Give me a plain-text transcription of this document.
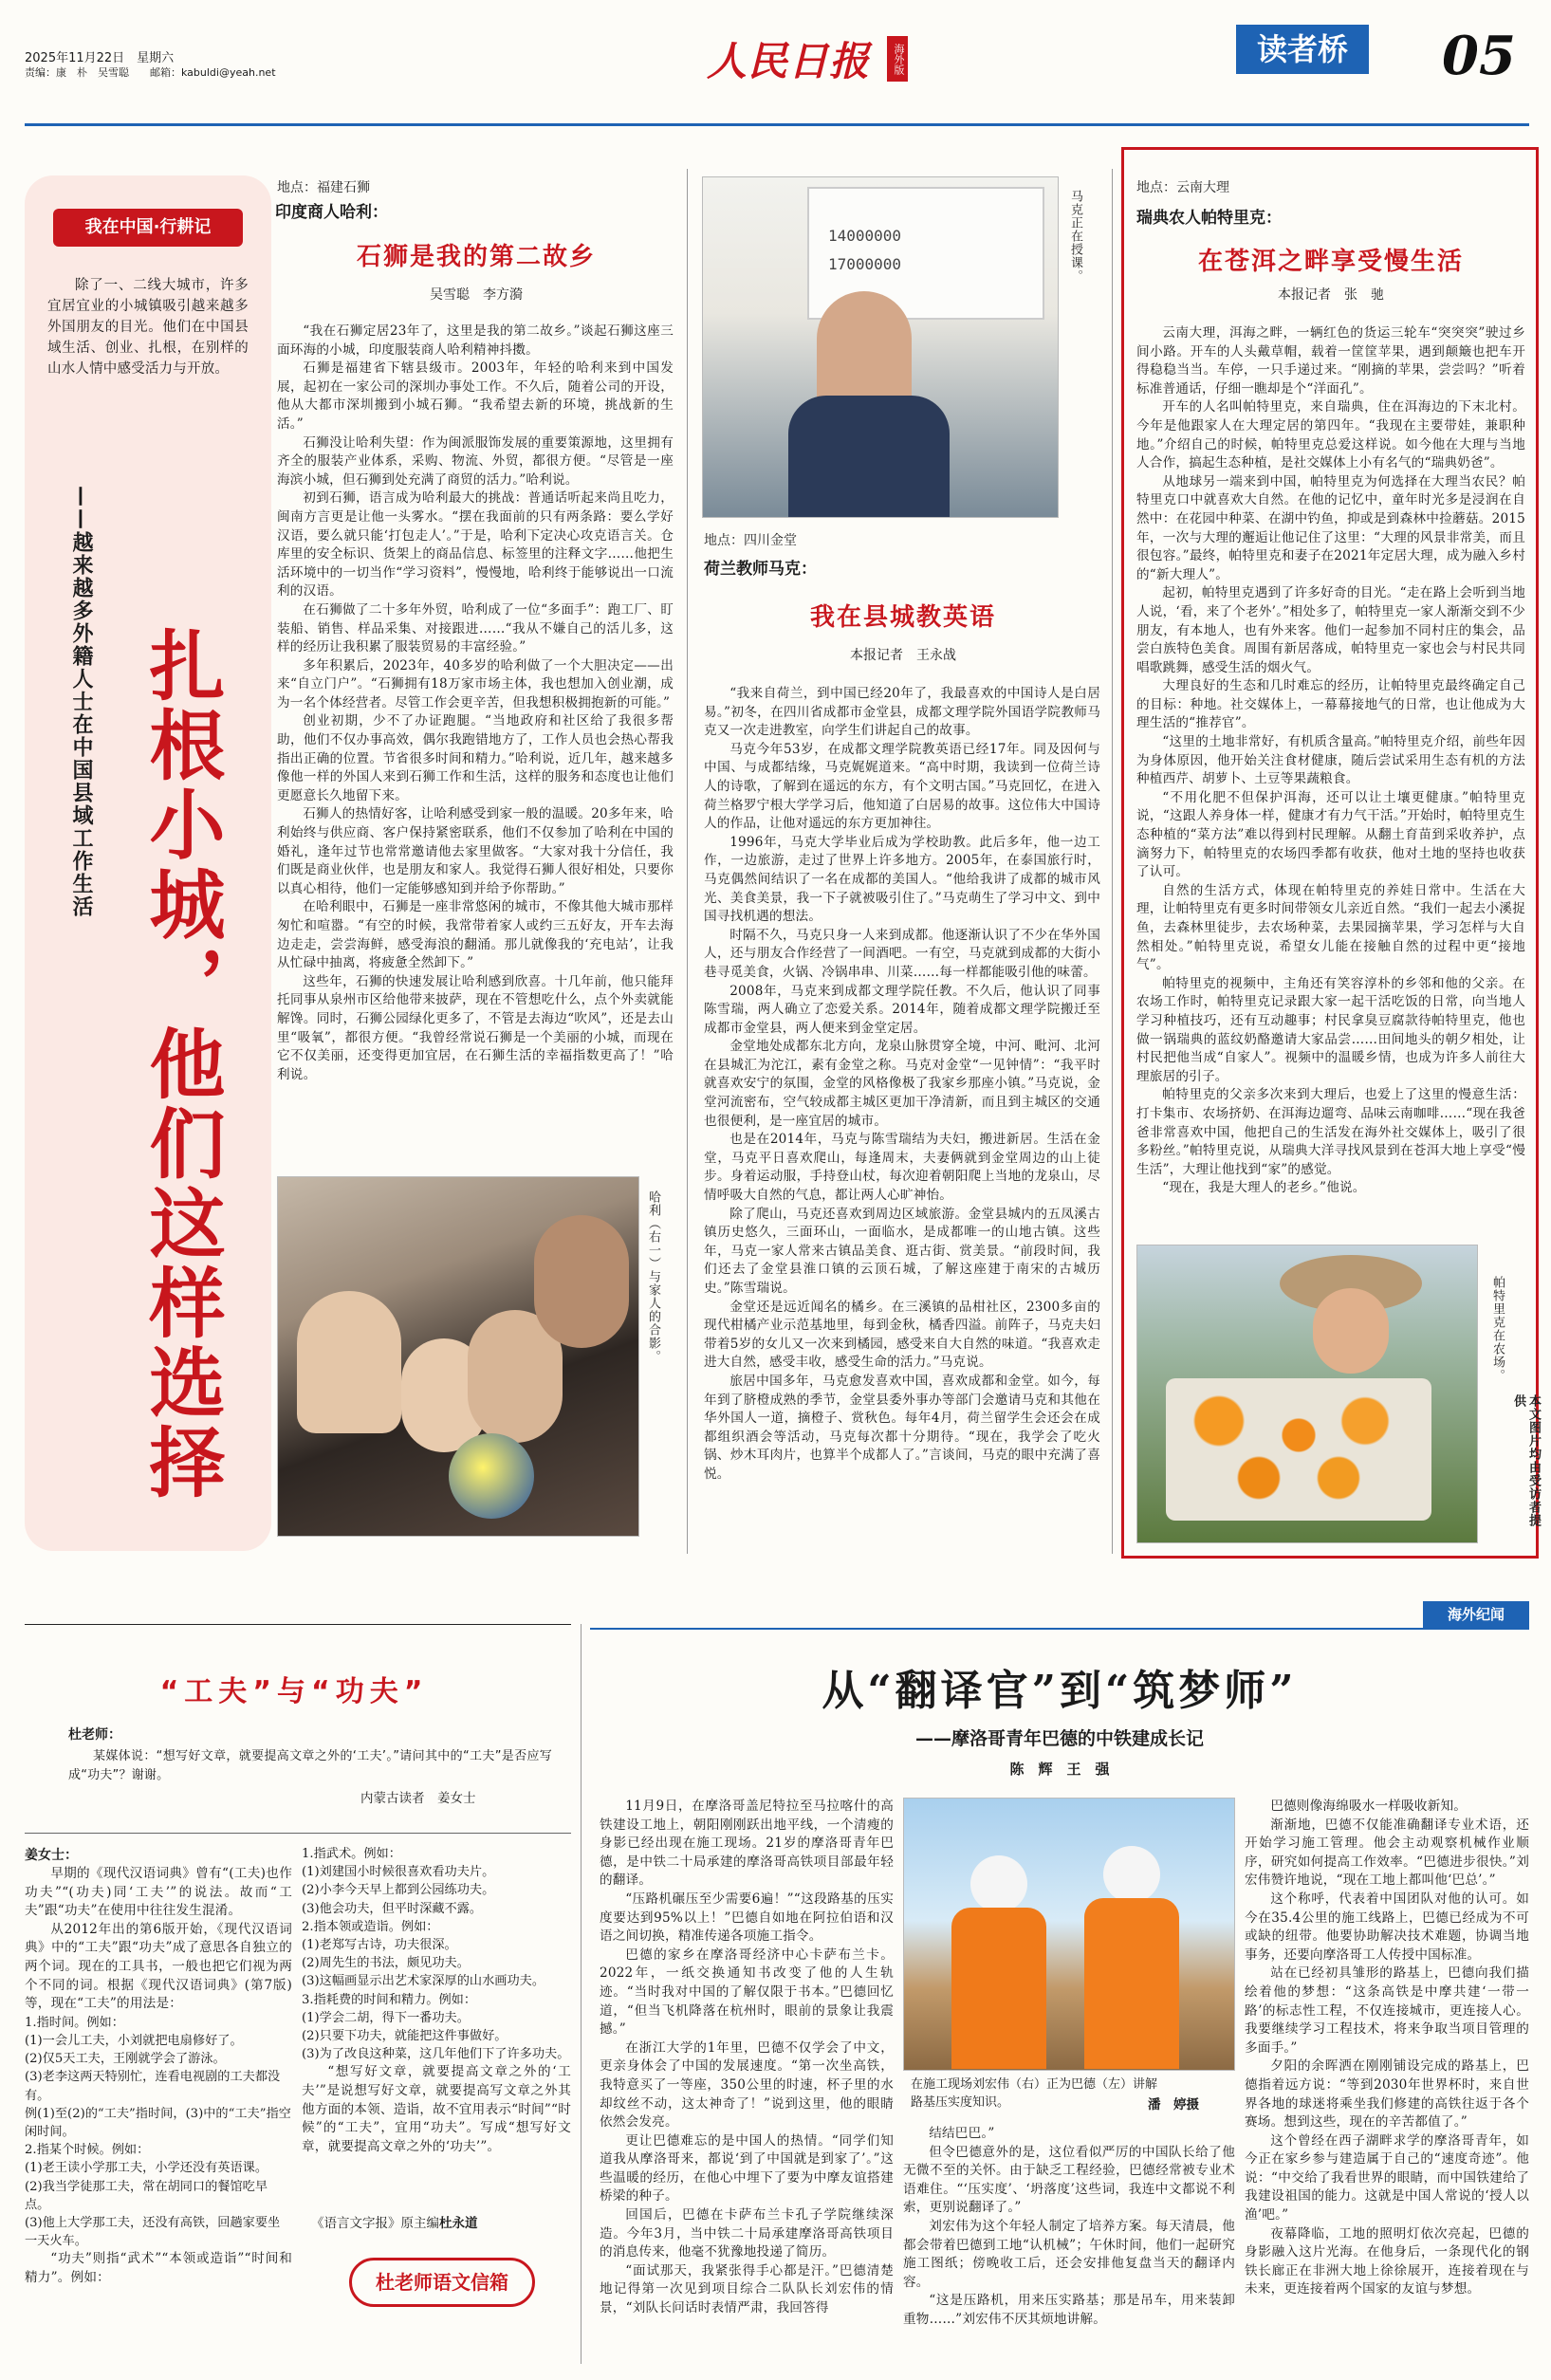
2025年11月22日　星期六
责编：康　朴　吴雪聪　　邮箱：kabuldi@yeah.net	人民日报	海外版	读者桥	05
我在中国·行耕记
除了一、二线大城市，许多宜居宜业的小城镇吸引越来越多外国朋友的目光。他们在中国县域生活、创业、扎根，在别样的山水人情中感受活力与开放。
——越来越多外籍人士在中国县域工作生活 扎根小城，他们这样选择
地点：福建石狮
印度商人哈利：
石狮是我的第二故乡
吴雪聪　李方漪

“我在石狮定居23年了，这里是我的第二故乡。”谈起石狮这座三面环海的小城，印度服装商人哈利精神抖擞。

石狮是福建省下辖县级市。2003年，年轻的哈利来到中国发展，起初在一家公司的深圳办事处工作。不久后，随着公司的开设，他从大都市深圳搬到小城石狮。“我希望去新的环境，挑战新的生活。”

石狮没让哈利失望：作为闽派服饰发展的重要策源地，这里拥有齐全的服装产业体系，采购、物流、外贸，都很方便。“尽管是一座海滨小城，但石狮到处充满了商贸的活力。”哈利说。

初到石狮，语言成为哈利最大的挑战：普通话听起来尚且吃力，闽南方言更是让他一头雾水。“摆在我面前的只有两条路：要么学好汉语，要么就只能‘打包走人’。”于是，哈利下定决心攻克语言关。仓库里的安全标识、货架上的商品信息、标签里的注释文字……他把生活环境中的一切当作“学习资料”，慢慢地，哈利终于能够说出一口流利的汉语。

在石狮做了二十多年外贸，哈利成了一位“多面手”：跑工厂、盯装船、销售、样品采集、对接跟进……“我从不嫌自己的活儿多，这样的经历让我积累了服装贸易的丰富经验。”

多年积累后，2023年，40多岁的哈利做了一个大胆决定——出来“自立门户”。“石狮拥有18万家市场主体，我也想加入创业潮，成为一名个体经营者。尽管工作会更辛苦，但我想积极拥抱新的可能。”

创业初期，少不了办证跑腿。“当地政府和社区给了我很多帮助，他们不仅办事高效，偶尔我跑错地方了，工作人员也会热心帮我指出正确的位置。节省很多时间和精力。”哈利说，近几年，越来越多像他一样的外国人来到石狮工作和生活，这样的服务和态度也让他们更愿意长久地留下来。

石狮人的热情好客，让哈利感受到家一般的温暖。20多年来，哈利始终与供应商、客户保持紧密联系，他们不仅参加了哈利在中国的婚礼，逢年过节也常常邀请他去家里做客。“大家对我十分信任，我们既是商业伙伴，也是朋友和家人。我觉得石狮人很好相处，只要你以真心相待，他们一定能够感知到并给予你帮助。”

在哈利眼中，石狮是一座非常悠闲的城市，不像其他大城市那样匆忙和喧嚣。“有空的时候，我常带着家人或约三五好友，开车去海边走走，尝尝海鲜，感受海浪的翻涌。那儿就像我的‘充电站’，让我从忙碌中抽离，将疲惫全然卸下。”

这些年，石狮的快速发展让哈利感到欣喜。十几年前，他只能拜托同事从泉州市区给他带来披萨，现在不管想吃什么，点个外卖就能解馋。同时，石狮公园绿化更多了，不管是去海边“吹风”，还是去山里“吸氧”，都很方便。“我曾经常说石狮是一个美丽的小城，而现在它不仅美丽，还变得更加宜居，在石狮生活的幸福指数更高了！”哈利说。

哈利（右一）与家人的合影。
14000000
17000000	马克正在授课。
地点：四川金堂
荷兰教师马克：
我在县城教英语
本报记者　王永战

“我来自荷兰，到中国已经20年了，我最喜欢的中国诗人是白居易。”初冬，在四川省成都市金堂县，成都文理学院外国语学院教师马克又一次走进教室，向学生们讲起自己的故事。

马克今年53岁，在成都文理学院教英语已经17年。同及因何与中国、与成都结缘，马克娓娓道来。“高中时期，我读到一位荷兰诗人的诗歌，了解到在遥远的东方，有个文明古国。”马克回忆，在进入荷兰格罗宁根大学学习后，他知道了白居易的故事。这位伟大中国诗人的作品，让他对遥远的东方更加神往。

1996年，马克大学毕业后成为学校助教。此后多年，他一边工作，一边旅游，走过了世界上许多地方。2005年，在泰国旅行时，马克偶然间结识了一名在成都的美国人。“他给我讲了成都的城市风光、美食美景，我一下子就被吸引住了。”马克萌生了学习中文、到中国寻找机遇的想法。

时隔不久，马克只身一人来到成都。他逐渐认识了不少在华外国人，还与朋友合作经营了一间酒吧。一有空，马克就到成都的大街小巷寻觅美食，火锅、冷锅串串、川菜……每一样都能吸引他的味蕾。

2008年，马克来到成都文理学院任教。不久后，他认识了同事陈雪瑞，两人确立了恋爱关系。2014年，随着成都文理学院搬迁至成都市金堂县，两人便来到金堂定居。

金堂地处成都东北方向，龙泉山脉贯穿全境，中河、毗河、北河在县城汇为沱江，素有金堂之称。马克对金堂“一见钟情”：“我平时就喜欢安宁的氛围，金堂的风格像极了我家乡那座小镇。”马克说，金堂河流密布，空气较成都主城区更加干净清新，而且到主城区的交通也很便利，是一座宜居的城市。

也是在2014年，马克与陈雪瑞结为夫妇，搬进新居。生活在金堂，马克平日喜欢爬山，每逢周末，夫妻俩就到金堂周边的山上徒步。身着运动服，手持登山杖，每次迎着朝阳爬上当地的龙泉山，尽情呼吸大自然的气息，都让两人心旷神怡。

除了爬山，马克还喜欢到周边区域旅游。金堂县城内的五凤溪古镇历史悠久，三面环山，一面临水，是成都唯一的山地古镇。这些年，马克一家人常来古镇品美食、逛古街、赏美景。“前段时间，我们还去了金堂县淮口镇的云顶石城，了解这座建于南宋的古城历史。”陈雪瑞说。

金堂还是远近闻名的橘乡。在三溪镇的品柑社区，2300多亩的现代柑橘产业示范基地里，每到金秋，橘香四溢。前阵子，马克夫妇带着5岁的女儿又一次来到橘园，感受来自大自然的味道。“我喜欢走进大自然，感受丰收，感受生命的活力。”马克说。

旅居中国多年，马克愈发喜欢中国，喜欢成都和金堂。如今，每年到了脐橙成熟的季节，金堂县委外事办等部门会邀请马克和其他在华外国人一道，摘橙子、赏秋色。每年4月，荷兰留学生会还会在成都组织酒会等活动，马克每次都十分期待。“现在，我学会了吃火锅、炒木耳肉片，也算半个成都人了。”言谈间，马克的眼中充满了喜悦。

地点：云南大理
瑞典农人帕特里克：
在苍洱之畔享受慢生活
本报记者　张　驰

云南大理，洱海之畔，一辆红色的货运三轮车“突突突”驶过乡间小路。开车的人头戴草帽，载着一筐筐苹果，遇到颠簸也把车开得稳稳当当。车停，一只手递过来。“刚摘的苹果，尝尝吗？”听着标准普通话，仔细一瞧却是个“洋面孔”。

开车的人名叫帕特里克，来自瑞典，住在洱海边的下末北村。今年是他跟家人在大理定居的第四年。“我现在主要带娃，兼职种地。”介绍自己的时候，帕特里克总爱这样说。如今他在大理与当地人合作，搞起生态种植，是社交媒体上小有名气的“瑞典奶爸”。

从地球另一端来到中国，帕特里克为何选择在大理当农民？帕特里克口中就喜欢大自然。在他的记忆中，童年时光多是浸润在自然中：在花园中种菜、在湖中钓鱼，抑或是到森林中捡蘑菇。2015年，一次与大理的邂逅让他记住了这里：“大理的风景非常美，而且很包容。”最终，帕特里克和妻子在2021年定居大理，成为融入乡村的“新大理人”。

起初，帕特里克遇到了许多好奇的目光。“走在路上会听到当地人说，‘看，来了个老外’。”相处多了，帕特里克一家人渐渐交到不少朋友，有本地人，也有外来客。他们一起参加不同村庄的集会，品尝白族特色美食。周围有新居落成，帕特里克一家也会与村民共同唱歌跳舞，感受生活的烟火气。

大理良好的生态和几时难忘的经历，让帕特里克最终确定自己的目标：种地。社交媒体上，一幕幕接地气的日常，也让他成为大理生活的“推荐官”。

“这里的土地非常好，有机质含量高。”帕特里克介绍，前些年因为身体原因，他开始关注食材健康，随后尝试采用生态有机的方法种植西芹、胡萝卜、土豆等果蔬粮食。

“不用化肥不但保护洱海，还可以让土壤更健康。”帕特里克说，“这跟人养身体一样，健康才有力气干活。”开始时，帕特里克生态种植的“菜方法”难以得到村民理解。从翻土育苗到采收养护，点滴努力下，帕特里克的农场四季都有收获，他对土地的坚持也收获了认可。

自然的生活方式，体现在帕特里克的养娃日常中。生活在大理，让帕特里克有更多时间带领女儿亲近自然。“我们一起去小溪捉鱼，去森林里徒步，去农场种菜，去果园摘苹果，学习怎样与大自然相处。”帕特里克说，希望女儿能在接触自然的过程中更“接地气”。

帕特里克的视频中，主角还有笑容淳朴的乡邻和他的父亲。在农场工作时，帕特里克记录跟大家一起干活吃饭的日常，向当地人学习种植技巧，还有互动趣事；村民拿臭豆腐款待帕特里克，他也做一锅瑞典的蓝纹奶酪邀请大家品尝……田间地头的朝夕相处，让村民把他当成“自家人”。视频中的温暖乡情，也成为许多人前往大理旅居的引子。

帕特里克的父亲多次来到大理后，也爱上了这里的慢意生活：打卡集市、农场挤奶、在洱海边遛弯、品味云南咖啡……“现在我爸爸非常喜欢中国，他把自己的生活发在海外社交媒体上，吸引了很多粉丝。”帕特里克说，从瑞典大洋寻找风景到在苍洱大地上享受“慢生活”，大理让他找到“家”的感觉。

“现在，我是大理人的老乡。”他说。

帕特里克在农场。
本文图片均由受访者提供
海外纪闻
“工夫”与“功夫”
杜老师：
某媒体说：“想写好文章，就要提高文章之外的‘工夫’。”请问其中的“工夫”是否应写成“功夫”？谢谢。
内蒙古读者　姜女士
姜女士：

早期的《现代汉语词典》曾有“(工夫)也作功夫”“(功夫)同‘工夫’”的说法。故而“工夫”跟“功夫”在使用中往往发生混淆。

从2012年出的第6版开始，《现代汉语词典》中的“工夫”跟“功夫”成了意思各自独立的两个词。现在的工具书，一般也把它们视为两个不同的词。根据《现代汉语词典》(第7版)等，现在“工夫”的用法是：

1.指时间。例如：

(1)一会儿工夫，小刘就把电扇修好了。

(2)仅5天工夫，王刚就学会了游泳。

(3)老李这两天特别忙，连看电视剧的工夫都没有。

例(1)至(2)的“工夫”指时间，(3)中的“工夫”指空闲时间。

2.指某个时候。例如：

(1)老王读小学那工夫，小学还没有英语课。

(2)我当学徒那工夫，常在胡同口的餐馆吃早点。

(3)他上大学那工夫，还没有高铁，回趟家要坐一天火车。

“功夫”则指“武术”“本领或造诣”“时间和精力”。例如：

1.指武术。例如：

(1)刘建国小时候很喜欢看功夫片。

(2)小李今天早上都到公园练功夫。

(3)他会功夫，但平时深藏不露。

2.指本领或造诣。例如：

(1)老郑写古诗，功夫很深。

(2)周先生的书法，颇见功夫。

(3)这幅画显示出艺术家深厚的山水画功夫。

3.指耗费的时间和精力。例如：

(1)学会二胡，得下一番功夫。

(2)只要下功夫，就能把这件事做好。

(3)为了改良这种菜，这几年他们下了许多功夫。

“想写好文章，就要提高文章之外的‘工夫’”是说想写好文章，就要提高写文章之外其他方面的本领、造诣，故不宜用表示“时间”“时候”的“工夫”，宜用“功夫”。写成“想写好文章，就要提高文章之外的‘功夫’”。

《语言文字报》原主编杜永道
杜老师语文信箱
从“翻译官”到“筑梦师”
——摩洛哥青年巴德的中铁建成长记
陈　辉　王　强

11月9日，在摩洛哥盖尼特拉至马拉喀什的高铁建设工地上，朝阳刚刚跃出地平线，一个清瘦的身影已经出现在施工现场。21岁的摩洛哥青年巴德，是中铁二十局承建的摩洛哥高铁项目部最年轻的翻译。

“压路机碾压至少需要6遍！”“这段路基的压实度要达到95%以上！”巴德自如地在阿拉伯语和汉语之间切换，精准传递各项施工指令。

巴德的家乡在摩洛哥经济中心卡萨布兰卡。2022年，一纸交换通知书改变了他的人生轨迹。“当时我对中国的了解仅限于书本。”巴德回忆道，“但当飞机降落在杭州时，眼前的景象让我震撼。”

在浙江大学的1年里，巴德不仅学会了中文，更亲身体会了中国的发展速度。“第一次坐高铁，我特意买了一等座，350公里的时速，杯子里的水却纹丝不动，这太神奇了！”说到这里，他的眼睛依然会发亮。

更让巴德难忘的是中国人的热情。“同学们知道我从摩洛哥来，都说‘到了中国就是到家了’。”这些温暖的经历，在他心中埋下了要为中摩友谊搭建桥梁的种子。

回国后，巴德在卡萨布兰卡孔子学院继续深造。今年3月，当中铁二十局承建摩洛哥高铁项目的消息传来，他毫不犹豫地投递了简历。

“面试那天，我紧张得手心都是汗。”巴德清楚地记得第一次见到项目综合二队队长刘宏伟的情景，“刘队长问话时表情严肃，我回答得

在施工现场刘宏伟（右）正为巴德（左）讲解路基压实度知识。	潘　婷摄

结结巴巴。”

但令巴德意外的是，这位看似严厉的中国队长给了他无微不至的关怀。由于缺乏工程经验，巴德经常被专业术语难住。“‘压实度’、‘坍落度’这些词，我连中文都说不利索，更别说翻译了。”

刘宏伟为这个年轻人制定了培养方案。每天清晨，他都会带着巴德到工地“认机械”；午休时间，他们一起研究施工图纸；傍晚收工后，还会安排他复盘当天的翻译内容。

“这是压路机，用来压实路基；那是吊车，用来装卸重物……”刘宏伟不厌其烦地讲解。

巴德则像海绵吸水一样吸收新知。

渐渐地，巴德不仅能准确翻译专业术语，还开始学习施工管理。他会主动观察机械作业顺序，研究如何提高工作效率。“巴德进步很快。”刘宏伟赞许地说，“现在工地上都叫他‘巴总’。”

这个称呼，代表着中国团队对他的认可。如今在35.4公里的施工线路上，巴德已经成为不可或缺的纽带。他要协助解决技术难题，协调当地事务，还要向摩洛哥工人传授中国标准。

站在已经初具雏形的路基上，巴德向我们描绘着他的梦想：“这条高铁是中摩共建‘一带一路’的标志性工程，不仅连接城市，更连接人心。我要继续学习工程技术，将来争取当项目管理的多面手。”

夕阳的余晖洒在刚刚铺设完成的路基上，巴德指着远方说：“等到2030年世界杯时，来自世界各地的球迷将乘坐我们修建的高铁往返于各个赛场。想到这些，现在的辛苦都值了。”

这个曾经在西子湖畔求学的摩洛哥青年，如今正在家乡参与建造属于自己的“速度奇迹”。他说：“中交给了我看世界的眼睛，而中国铁建给了我建设祖国的能力。这就是中国人常说的‘授人以渔’吧。”

夜幕降临，工地的照明灯依次亮起，巴德的身影融入这片光海。在他身后，一条现代化的钢铁长廊正在非洲大地上徐徐展开，连接着现在与未来，更连接着两个国家的友谊与梦想。
